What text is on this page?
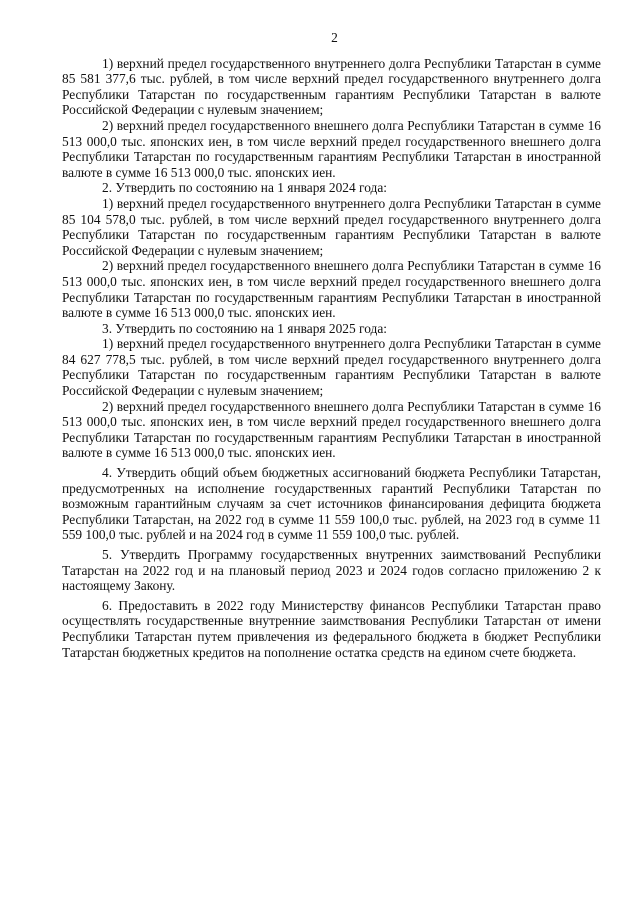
2

1) верхний предел государственного внутреннего долга Республики Татарстан в сумме 85 581 377,6 тыс. рублей, в том числе верхний предел государственного внутреннего долга Республики Татарстан по государственным гарантиям Республики Татарстан в валюте Российской Федерации с нулевым значением;

2) верхний предел государственного внешнего долга Республики Татарстан в сумме 16 513 000,0 тыс. японских иен, в том числе верхний предел государственного внешнего долга Республики Татарстан по государственным гарантиям Республики Татарстан в иностранной валюте в сумме 16 513 000,0 тыс. японских иен.

2. Утвердить по состоянию на 1 января 2024 года:

1) верхний предел государственного внутреннего долга Республики Татарстан в сумме 85 104 578,0 тыс. рублей, в том числе верхний предел государственного внутреннего долга Республики Татарстан по государственным гарантиям Республики Татарстан в валюте Российской Федерации с нулевым значением;

2) верхний предел государственного внешнего долга Республики Татарстан в сумме 16 513 000,0 тыс. японских иен, в том числе верхний предел государственного внешнего долга Республики Татарстан по государственным гарантиям Республики Татарстан в иностранной валюте в сумме 16 513 000,0 тыс. японских иен.

3. Утвердить по состоянию на 1 января 2025 года:

1) верхний предел государственного внутреннего долга Республики Татарстан в сумме 84 627 778,5 тыс. рублей, в том числе верхний предел государственного внутреннего долга Республики Татарстан по государственным гарантиям Республики Татарстан в валюте Российской Федерации с нулевым значением;

2) верхний предел государственного внешнего долга Республики Татарстан в сумме 16 513 000,0 тыс. японских иен, в том числе верхний предел государственного внешнего долга Республики Татарстан по государственным гарантиям Республики Татарстан в иностранной валюте в сумме 16 513 000,0 тыс. японских иен.

4. Утвердить общий объем бюджетных ассигнований бюджета Республики Татарстан, предусмотренных на исполнение государственных гарантий Республики Татарстан по возможным гарантийным случаям за счет источников финансирования дефицита бюджета Республики Татарстан, на 2022 год в сумме 11 559 100,0 тыс. рублей, на 2023 год в сумме 11 559 100,0 тыс. рублей и на 2024 год в сумме 11 559 100,0 тыс. рублей.

5. Утвердить Программу государственных внутренних заимствований Республики Татарстан на 2022 год и на плановый период 2023 и 2024 годов согласно приложению 2 к настоящему Закону.

6. Предоставить в 2022 году Министерству финансов Республики Татарстан право осуществлять государственные внутренние заимствования Республики Татарстан от имени Республики Татарстан путем привлечения из федерального бюджета в бюджет Республики Татарстан бюджетных кредитов на пополнение остатка средств на едином счете бюджета.
